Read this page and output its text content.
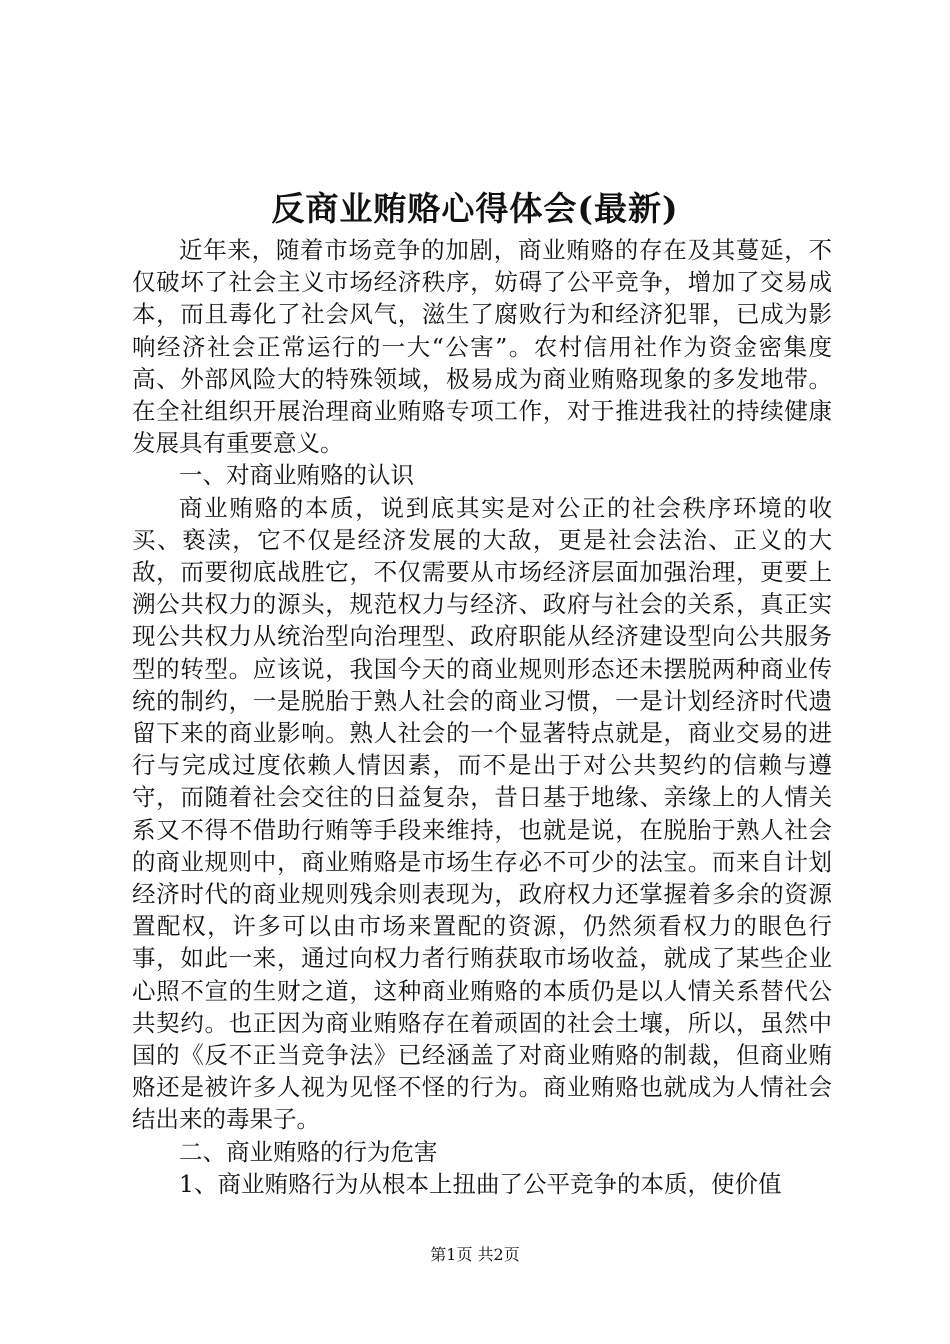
反商业贿赂心得体会(最新)

近年来，随着市场竞争的加剧，商业贿赂的存在及其蔓延，不仅破坏了社会主义市场经济秩序，妨碍了公平竞争，增加了交易成本，而且毒化了社会风气，滋生了腐败行为和经济犯罪，已成为影响经济社会正常运行的一大“公害”。农村信用社作为资金密集度高、外部风险大的特殊领域，极易成为商业贿赂现象的多发地带。在全社组织开展治理商业贿赂专项工作，对于推进我社的持续健康发展具有重要意义。

一、对商业贿赂的认识

商业贿赂的本质，说到底其实是对公正的社会秩序环境的收买、亵渎，它不仅是经济发展的大敌，更是社会法治、正义的大敌，而要彻底战胜它，不仅需要从市场经济层面加强治理，更要上溯公共权力的源头，规范权力与经济、政府与社会的关系，真正实现公共权力从统治型向治理型、政府职能从经济建设型向公共服务型的转型。应该说，我国今天的商业规则形态还未摆脱两种商业传统的制约，一是脱胎于熟人社会的商业习惯，一是计划经济时代遗留下来的商业影响。熟人社会的一个显著特点就是，商业交易的进行与完成过度依赖人情因素，而不是出于对公共契约的信赖与遵守，而随着社会交往的日益复杂，昔日基于地缘、亲缘上的人情关系又不得不借助行贿等手段来维持，也就是说，在脱胎于熟人社会的商业规则中，商业贿赂是市场生存必不可少的法宝。而来自计划经济时代的商业规则残余则表现为，政府权力还掌握着多余的资源置配权，许多可以由市场来置配的资源，仍然须看权力的眼色行事，如此一来，通过向权力者行贿获取市场收益，就成了某些企业心照不宣的生财之道，这种商业贿赂的本质仍是以人情关系替代公共契约。也正因为商业贿赂存在着顽固的社会土壤，所以，虽然中国的《反不正当竞争法》已经涵盖了对商业贿赂的制裁，但商业贿赂还是被许多人视为见怪不怪的行为。商业贿赂也就成为人情社会结出来的毒果子。

二、商业贿赂的行为危害

1、商业贿赂行为从根本上扭曲了公平竞争的本质，使价值

第1页 共2页
